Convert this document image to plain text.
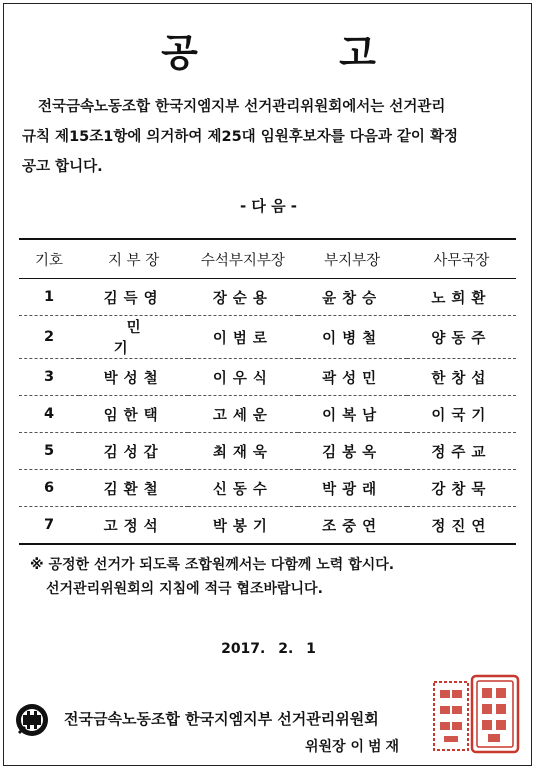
공 고

전국금속노동조합 한국지엠지부 선거관리위원회에서는 선거관리

규칙 제15조1항에 의거하여 제25대 임원후보자를 다음과 같이 확정

공고 합니다.

- 다 음 -
기호	지 부 장	수석부지부장	부지부장	사무국장
1	김득영	장순용	윤창승	노희환
2	민 기	이범로	이병철	양동주
3	박성철	이우식	곽성민	한창섭
4	임한택	고세운	이복남	이국기
5	김성갑	최재욱	김봉옥	정주교
6	김환철	신동수	박광래	강창묵
7	고정석	박봉기	조중연	정진연

※ 공정한 선거가 되도록 조합원께서는 다함께 노력 합시다.

선거관리위원회의 지침에 적극 협조바랍니다.

2017. 2. 1
전국금속노동조합 한국지엠지부 선거관리위원회
위원장 이범재
